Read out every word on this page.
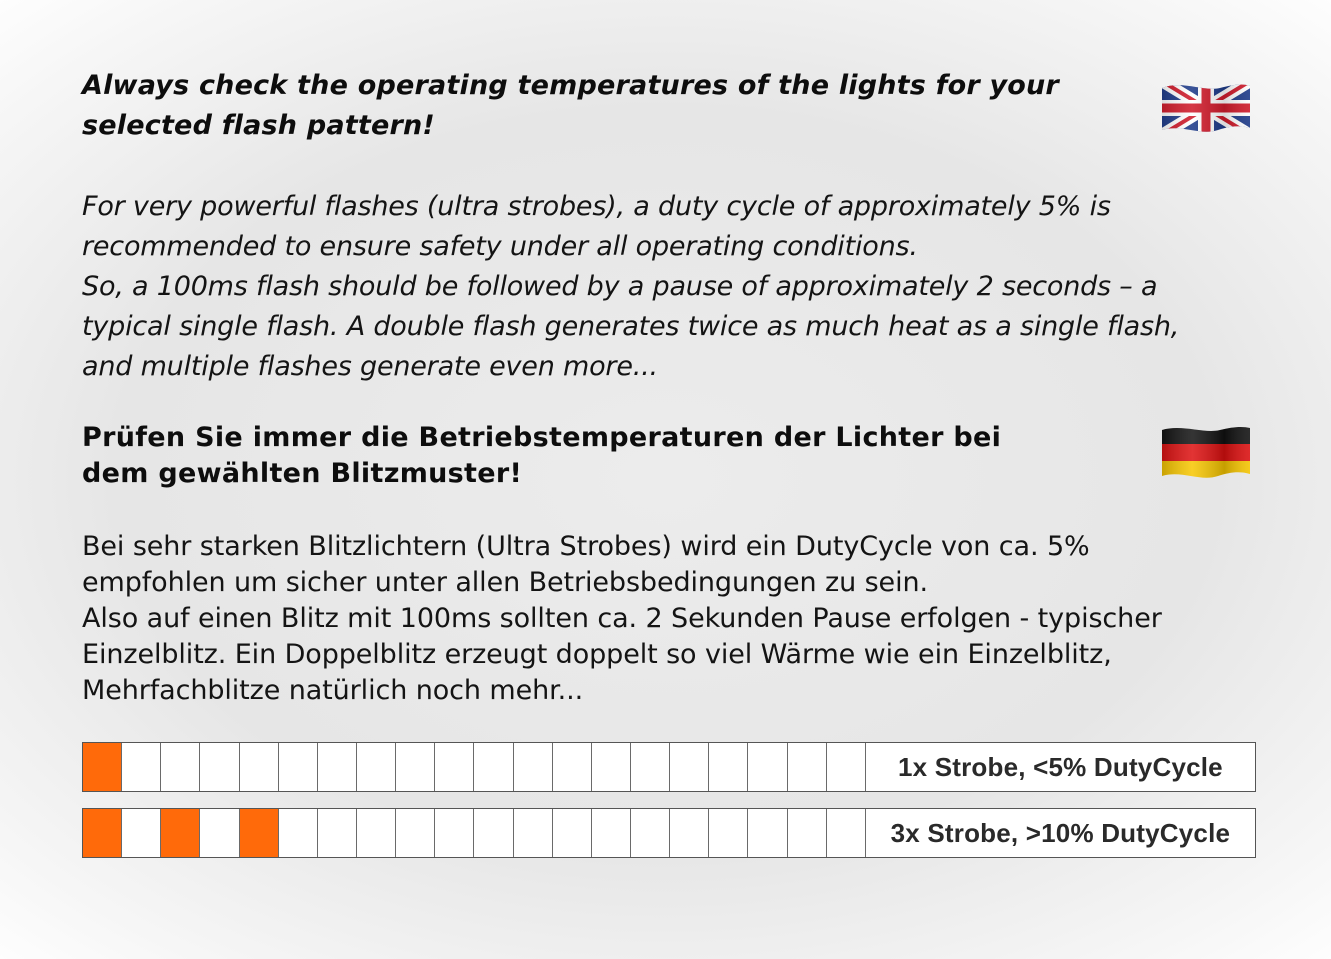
Always check the operating temperatures of the lights for your
selected flash pattern!

For very powerful flashes (ultra strobes), a duty cycle of approximately 5% is
recommended to ensure safety under all operating conditions.
So, a 100ms flash should be followed by a pause of approximately 2 seconds – a
typical single flash. A double flash generates twice as much heat as a single flash,
and multiple flashes generate even more...

Prüfen Sie immer die Betriebstemperaturen der Lichter bei
dem gewählten Blitzmuster!

Bei sehr starken Blitzlichtern (Ultra Strobes) wird ein DutyCycle von ca. 5%
empfohlen um sicher unter allen Betriebsbedingungen zu sein.
Also auf einen Blitz mit 100ms sollten ca. 2 Sekunden Pause erfolgen - typischer
Einzelblitz. Ein Doppelblitz erzeugt doppelt so viel Wärme wie ein Einzelblitz,
Mehrfachblitze natürlich noch mehr...

1x Strobe, <5% DutyCycle
3x Strobe, >10% DutyCycle
